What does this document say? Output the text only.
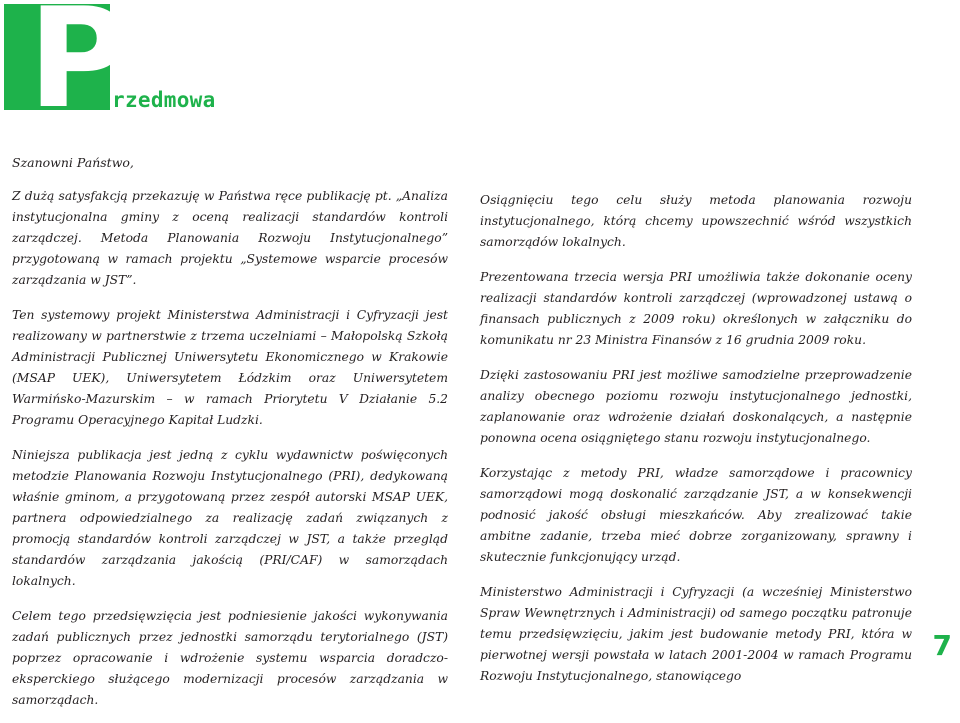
P
rzedmowa
Szanowni Państwo,

Z dużą satysfakcją przekazuję w Państwa ręce publikację pt. „Analiza instytucjonalna gminy z oceną realizacji standardów kontroli zarządczej. Metoda Planowania Rozwoju Instytucjonalnego” przygotowaną w ramach projektu „Systemowe wsparcie procesów zarządzania w JST”.

Ten systemowy projekt Ministerstwa Administracji i Cyfryzacji jest realizowany w partnerstwie z trzema uczelniami – Małopolską Szkołą Administracji Publicznej Uniwersytetu Ekonomicznego w Krakowie (MSAP UEK), Uniwersytetem Łódzkim oraz Uniwersytetem Warmińsko-Mazurskim – w ramach Priorytetu V Działanie 5.2 Programu Operacyjnego Kapitał Ludzki.

Niniejsza publikacja jest jedną z cyklu wydawnictw poświęconych metodzie Planowania Rozwoju Instytucjonalnego (PRI), dedykowaną właśnie gminom, a przygotowaną przez zespół autorski MSAP UEK, partnera odpowiedzialnego za realizację zadań związanych z promocją standardów kontroli zarządczej w JST, a także przegląd standardów zarządzania jakością (PRI/CAF) w samorządach lokalnych.

Celem tego przedsięwzięcia jest podniesienie jakości wykonywania zadań publicznych przez jednostki samorządu terytorialnego (JST) poprzez opracowanie i wdrożenie systemu wsparcia doradczo-eksperckiego służącego modernizacji procesów zarządzania w samorządach.

Osiągnięciu tego celu służy metoda planowania rozwoju instytucjonalnego, którą chcemy upowszechnić wśród wszystkich samorządów lokalnych.

Prezentowana trzecia wersja PRI umożliwia także dokonanie oceny realizacji standardów kontroli zarządczej (wprowadzonej ustawą o finansach publicznych z 2009 roku) określonych w załączniku do komunikatu nr 23 Ministra Finansów z 16 grudnia 2009 roku.

Dzięki zastosowaniu PRI jest możliwe samodzielne przeprowadzenie analizy obecnego poziomu rozwoju instytucjonalnego jednostki, zaplanowanie oraz wdrożenie działań doskonalących, a następnie ponowna ocena osiągniętego stanu rozwoju instytucjonalnego.

Korzystając z metody PRI, władze samorządowe i pracownicy samorządowi mogą doskonalić zarządzanie JST, a w konsekwencji podnosić jakość obsługi mieszkańców. Aby zrealizować takie ambitne zadanie, trzeba mieć dobrze zorganizowany, sprawny i skutecznie funkcjonujący urząd.

Ministerstwo Administracji i Cyfryzacji (a wcześniej Ministerstwo Spraw Wewnętrznych i Administracji) od samego początku patronuje temu przedsięwzięciu, jakim jest budowanie metody PRI, która w pierwotnej wersji powstała w latach 2001-2004 w ramach Programu Rozwoju Instytucjonalnego, stanowiącego

7
